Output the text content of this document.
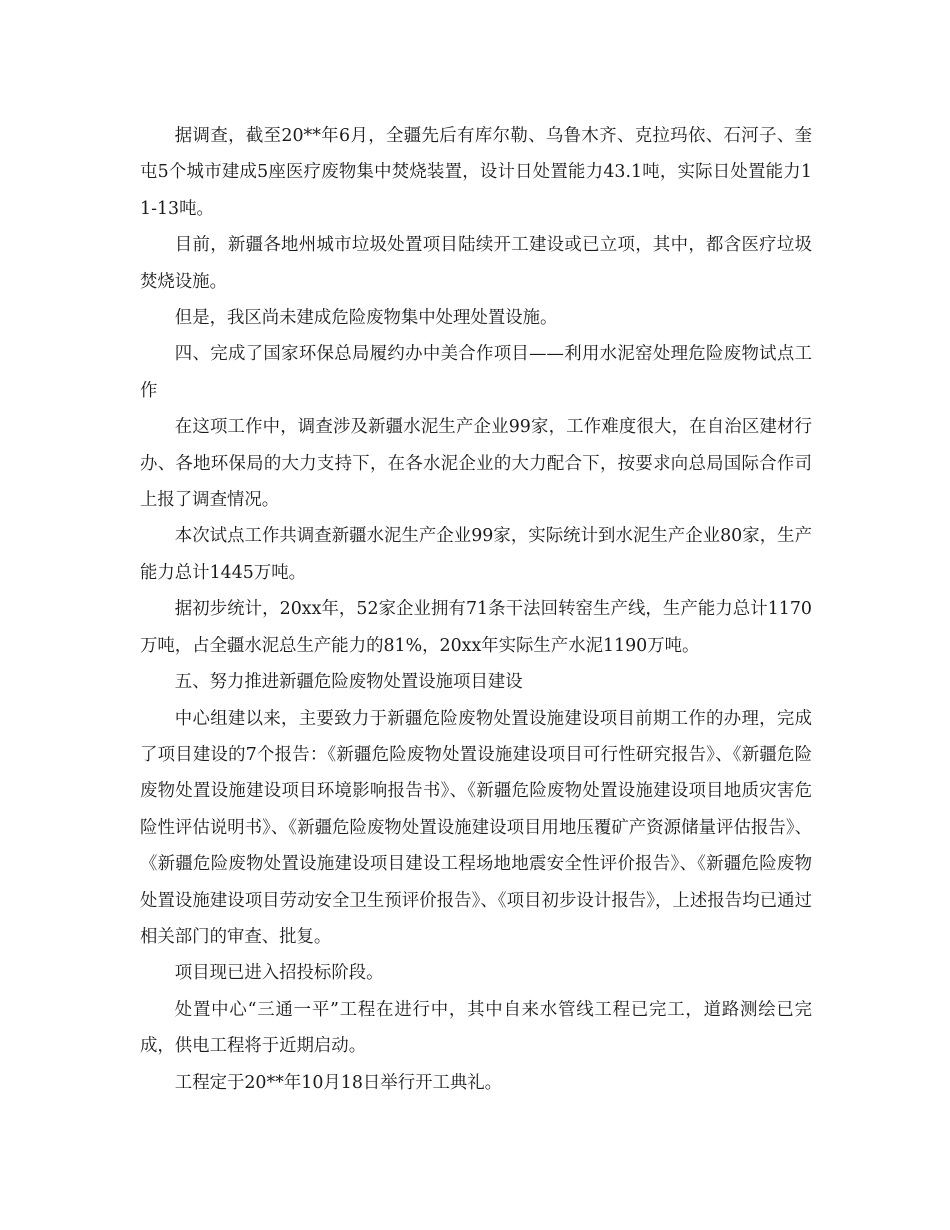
据调查，截至20**年6月，全疆先后有库尔勒、乌鲁木齐、克拉玛依、石河子、奎屯5个城市建成5座医疗废物集中焚烧装置，设计日处置能力43.1吨，实际日处置能力11-13吨。

目前，新疆各地州城市垃圾处置项目陆续开工建设或已立项，其中，都含医疗垃圾焚烧设施。

但是，我区尚未建成危险废物集中处理处置设施。

四、完成了国家环保总局履约办中美合作项目——利用水泥窑处理危险废物试点工作

在这项工作中，调查涉及新疆水泥生产企业99家，工作难度很大，在自治区建材行办、各地环保局的大力支持下，在各水泥企业的大力配合下，按要求向总局国际合作司上报了调查情况。

本次试点工作共调查新疆水泥生产企业99家，实际统计到水泥生产企业80家，生产能力总计1445万吨。

据初步统计，20xx年，52家企业拥有71条干法回转窑生产线，生产能力总计1170万吨，占全疆水泥总生产能力的81%，20xx年实际生产水泥1190万吨。

五、努力推进新疆危险废物处置设施项目建设

中心组建以来，主要致力于新疆危险废物处置设施建设项目前期工作的办理，完成了项目建设的7个报告：《新疆危险废物处置设施建设项目可行性研究报告》、《新疆危险废物处置设施建设项目环境影响报告书》、《新疆危险废物处置设施建设项目地质灾害危险性评估说明书》、《新疆危险废物处置设施建设项目用地压覆矿产资源储量评估报告》、《新疆危险废物处置设施建设项目建设工程场地地震安全性评价报告》、《新疆危险废物处置设施建设项目劳动安全卫生预评价报告》、《项目初步设计报告》，上述报告均已通过相关部门的审查、批复。

项目现已进入招投标阶段。

处置中心“三通一平”工程在进行中，其中自来水管线工程已完工，道路测绘已完成，供电工程将于近期启动。

工程定于20**年10月18日举行开工典礼。
